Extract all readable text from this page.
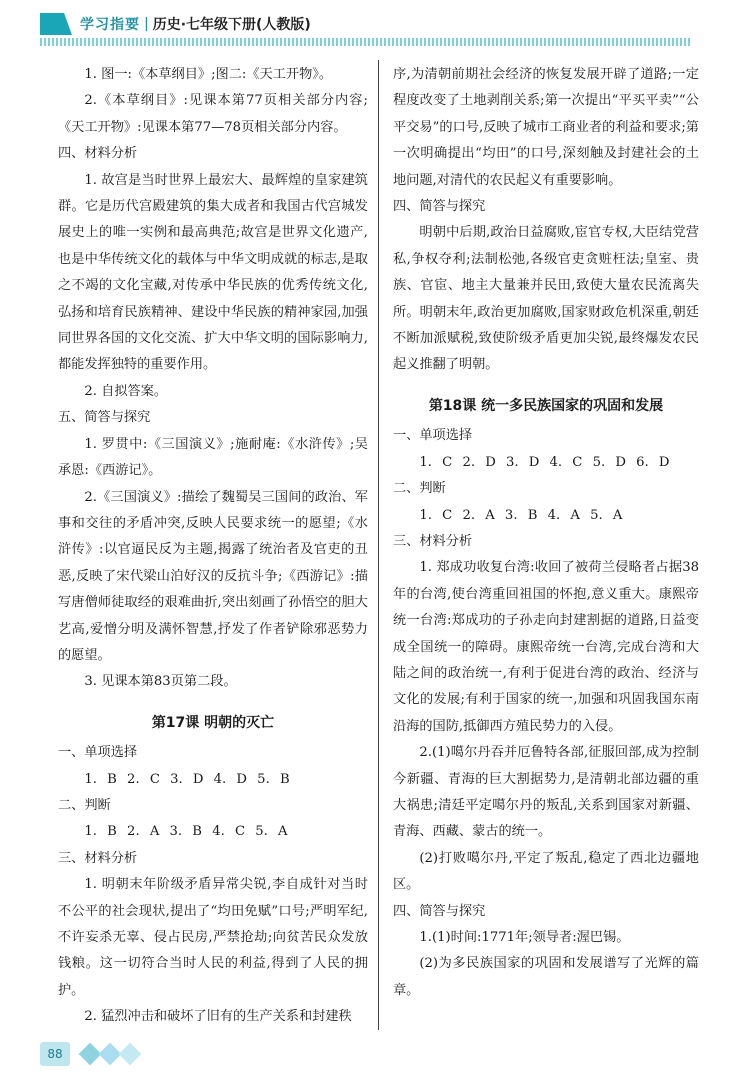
学习指要 | 历史·七年级下册(人教版)

1. 图一:《本草纲目》;图二:《天工开物》。

2.《本草纲目》:见课本第77页相关部分内容;《天工开物》:见课本第77—78页相关部分内容。

四、材料分析

1. 故宫是当时世界上最宏大、最辉煌的皇家建筑群。它是历代宫殿建筑的集大成者和我国古代宫城发展史上的唯一实例和最高典范;故宫是世界文化遗产,也是中华传统文化的载体与中华文明成就的标志,是取之不竭的文化宝藏,对传承中华民族的优秀传统文化,弘扬和培育民族精神、建设中华民族的精神家园,加强同世界各国的文化交流、扩大中华文明的国际影响力,都能发挥独特的重要作用。

2. 自拟答案。

五、简答与探究

1. 罗贯中:《三国演义》;施耐庵:《水浒传》;吴承恩:《西游记》。

2.《三国演义》:描绘了魏蜀吴三国间的政治、军事和交往的矛盾冲突,反映人民要求统一的愿望;《水浒传》:以官逼民反为主题,揭露了统治者及官吏的丑恶,反映了宋代梁山泊好汉的反抗斗争;《西游记》:描写唐僧师徒取经的艰难曲折,突出刻画了孙悟空的胆大艺高,爱憎分明及满怀智慧,抒发了作者铲除邪恶势力的愿望。

3. 见课本第83页第二段。

第17课 明朝的灭亡

一、单项选择

1. B 2. C 3. D 4. D 5. B

二、判断

1. B 2. A 3. B 4. C 5. A

三、材料分析

1. 明朝末年阶级矛盾异常尖锐,李自成针对当时不公平的社会现状,提出了“均田免赋”口号;严明军纪,不许妄杀无辜、侵占民房,严禁抢劫;向贫苦民众发放钱粮。这一切符合当时人民的利益,得到了人民的拥护。

2. 猛烈冲击和破坏了旧有的生产关系和封建秩

序,为清朝前期社会经济的恢复发展开辟了道路;一定程度改变了土地剥削关系;第一次提出“平买平卖”“公平交易”的口号,反映了城市工商业者的利益和要求;第一次明确提出“均田”的口号,深刻触及封建社会的土地问题,对清代的农民起义有重要影响。

四、简答与探究

明朝中后期,政治日益腐败,宦官专权,大臣结党营私,争权夺利;法制松弛,各级官吏贪赃枉法;皇室、贵族、官宦、地主大量兼并民田,致使大量农民流离失所。明朝末年,政治更加腐败,国家财政危机深重,朝廷不断加派赋税,致使阶级矛盾更加尖锐,最终爆发农民起义推翻了明朝。

第18课 统一多民族国家的巩固和发展

一、单项选择

1. C 2. D 3. D 4. C 5. D 6. D

二、判断

1. C 2. A 3. B 4. A 5. A

三、材料分析

1. 郑成功收复台湾:收回了被荷兰侵略者占据38年的台湾,使台湾重回祖国的怀抱,意义重大。康熙帝统一台湾:郑成功的子孙走向封建割据的道路,日益变成全国统一的障碍。康熙帝统一台湾,完成台湾和大陆之间的政治统一,有利于促进台湾的政治、经济与文化的发展;有利于国家的统一,加强和巩固我国东南沿海的国防,抵御西方殖民势力的入侵。

2.(1)噶尔丹吞并厄鲁特各部,征服回部,成为控制今新疆、青海的巨大割据势力,是清朝北部边疆的重大祸患;清廷平定噶尔丹的叛乱,关系到国家对新疆、青海、西藏、蒙古的统一。

(2)打败噶尔丹,平定了叛乱,稳定了西北边疆地区。

四、简答与探究

1.(1)时间:1771年;领导者:渥巴锡。

(2)为多民族国家的巩固和发展谱写了光辉的篇章。

88
